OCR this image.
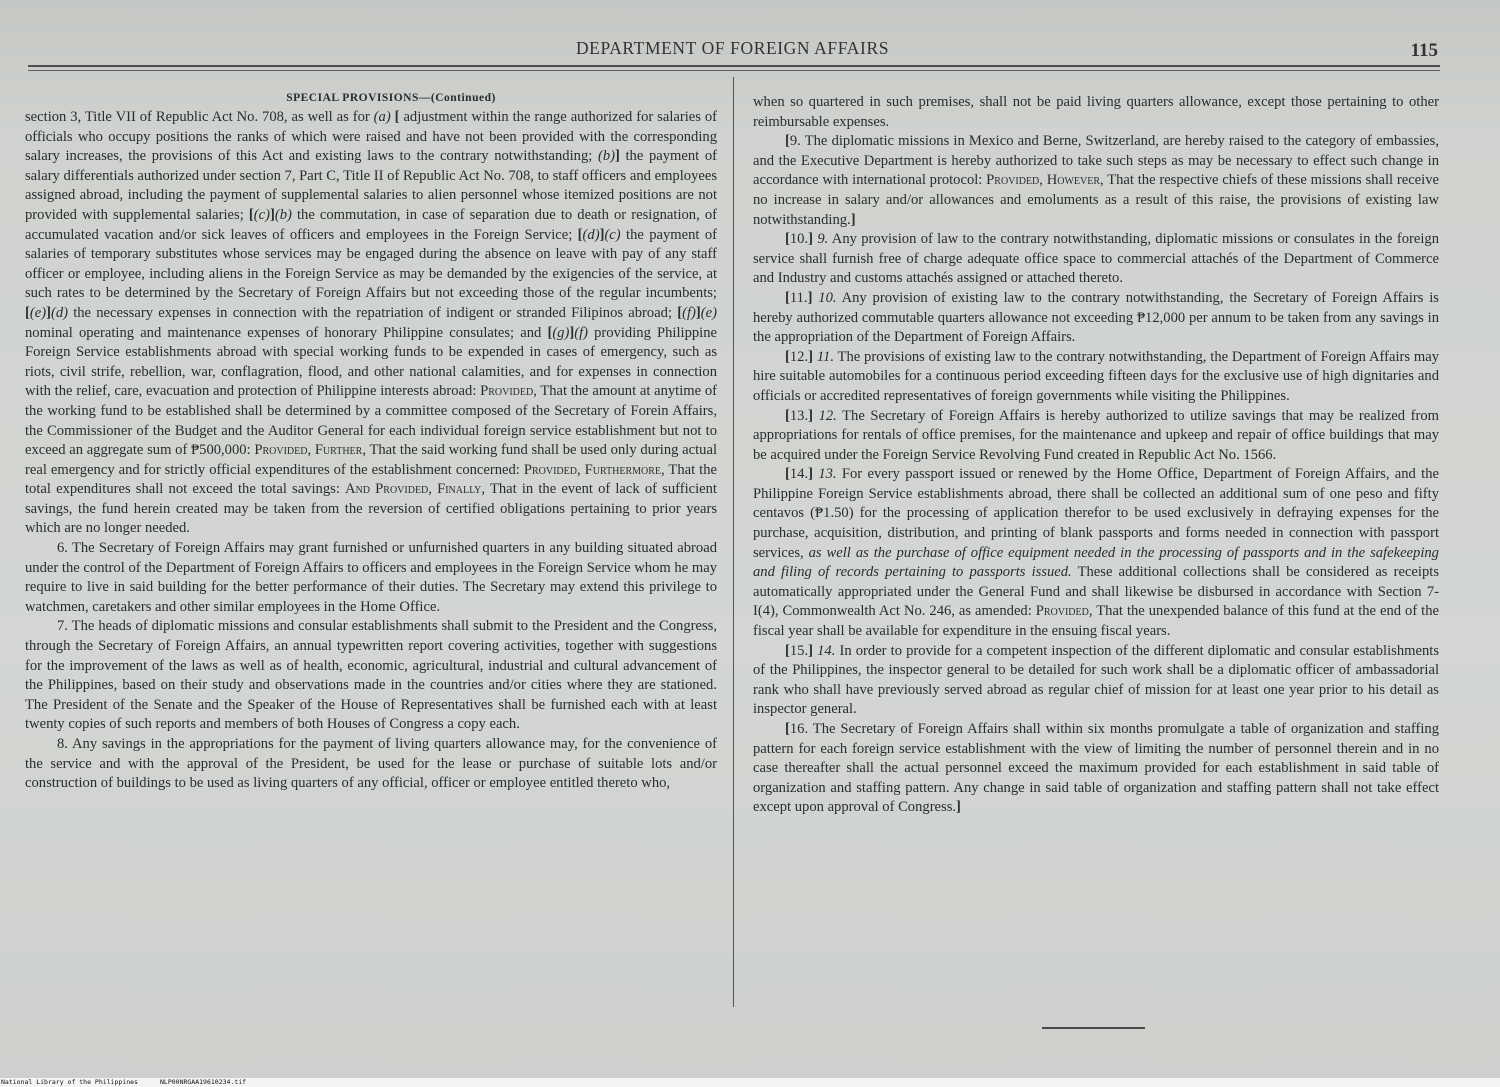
DEPARTMENT OF FOREIGN AFFAIRS	115

SPECIAL PROVISIONS—(Continued)

section 3, Title VII of Republic Act No. 708, as well as for (a) [ adjustment within the range authorized for salaries of officials who occupy positions the ranks of which were raised and have not been provided with the corresponding salary increases, the provisions of this Act and existing laws to the contrary notwithstanding; (b)] the payment of salary differentials authorized under section 7, Part C, Title II of Republic Act No. 708, to staff officers and employees assigned abroad, including the payment of supplemental salaries to alien personnel whose itemized positions are not provided with supplemental salaries; [(c)](b) the commutation, in case of separation due to death or resignation, of accumulated vacation and/or sick leaves of officers and employees in the Foreign Service; [(d)](c) the payment of salaries of temporary substitutes whose services may be engaged during the absence on leave with pay of any staff officer or employee, including aliens in the Foreign Service as may be demanded by the exigencies of the service, at such rates to be determined by the Secretary of Foreign Affairs but not exceeding those of the regular incumbents; [(e)](d) the necessary expenses in connection with the repatriation of indigent or stranded Filipinos abroad; [(f)](e) nominal operating and maintenance expenses of honorary Philippine consulates; and [(g)](f) providing Philippine Foreign Service establishments abroad with special working funds to be expended in cases of emergency, such as riots, civil strife, rebellion, war, conflagration, flood, and other national calamities, and for expenses in connection with the relief, care, evacuation and protection of Philippine interests abroad: Provided, That the amount at anytime of the working fund to be established shall be determined by a committee composed of the Secretary of Forein Affairs, the Commissioner of the Budget and the Auditor General for each individual foreign service establishment but not to exceed an aggregate sum of ₱500,000: Provided, Further, That the said working fund shall be used only during actual real emergency and for strictly official expenditures of the establishment concerned: Provided, Furthermore, That the total expenditures shall not exceed the total savings: And Provided, Finally, That in the event of lack of sufficient savings, the fund herein created may be taken from the reversion of certified obligations pertaining to prior years which are no longer needed.

6. The Secretary of Foreign Affairs may grant furnished or unfurnished quarters in any building situated abroad under the control of the Department of Foreign Affairs to officers and employees in the Foreign Service whom he may require to live in said building for the better performance of their duties. The Secretary may extend this privilege to watchmen, caretakers and other similar employees in the Home Office.

7. The heads of diplomatic missions and consular establishments shall submit to the President and the Congress, through the Secretary of Foreign Affairs, an annual typewritten report covering activities, together with suggestions for the improvement of the laws as well as of health, economic, agricultural, industrial and cultural advancement of the Philippines, based on their study and observations made in the countries and/or cities where they are stationed. The President of the Senate and the Speaker of the House of Representatives shall be furnished each with at least twenty copies of such reports and members of both Houses of Congress a copy each.

8. Any savings in the appropriations for the payment of living quarters allowance may, for the convenience of the service and with the approval of the President, be used for the lease or purchase of suitable lots and/or construction of buildings to be used as living quarters of any official, officer or employee entitled thereto who,

when so quartered in such premises, shall not be paid living quarters allowance, except those pertaining to other reimbursable expenses.

[9. The diplomatic missions in Mexico and Berne, Switzerland, are hereby raised to the category of embassies, and the Executive Department is hereby authorized to take such steps as may be necessary to effect such change in accordance with international protocol: Provided, However, That the respective chiefs of these missions shall receive no increase in salary and/or allowances and emoluments as a result of this raise, the provisions of existing law notwithstanding.]

[10.] 9. Any provision of law to the contrary notwithstanding, diplomatic missions or consulates in the foreign service shall furnish free of charge adequate office space to commercial attachés of the Department of Commerce and Industry and customs attachés assigned or attached thereto.

[11.] 10. Any provision of existing law to the contrary notwithstanding, the Secretary of Foreign Affairs is hereby authorized commutable quarters allowance not exceeding ₱12,000 per annum to be taken from any savings in the appropriation of the Department of Foreign Affairs.

[12.] 11. The provisions of existing law to the contrary notwithstanding, the Department of Foreign Affairs may hire suitable automobiles for a continuous period exceeding fifteen days for the exclusive use of high dignitaries and officials or accredited representatives of foreign governments while visiting the Philippines.

[13.] 12. The Secretary of Foreign Affairs is hereby authorized to utilize savings that may be realized from appropriations for rentals of office premises, for the maintenance and upkeep and repair of office buildings that may be acquired under the Foreign Service Revolving Fund created in Republic Act No. 1566.

[14.] 13. For every passport issued or renewed by the Home Office, Department of Foreign Affairs, and the Philippine Foreign Service establishments abroad, there shall be collected an additional sum of one peso and fifty centavos (₱1.50) for the processing of application therefor to be used exclusively in defraying expenses for the purchase, acquisition, distribution, and printing of blank passports and forms needed in connection with passport services, as well as the purchase of office equipment needed in the processing of passports and in the safekeeping and filing of records pertaining to passports issued. These additional collections shall be considered as receipts automatically appropriated under the General Fund and shall likewise be disbursed in accordance with Section 7-I(4), Commonwealth Act No. 246, as amended: Provided, That the unexpended balance of this fund at the end of the fiscal year shall be available for expenditure in the ensuing fiscal years.

[15.] 14. In order to provide for a competent inspection of the different diplomatic and consular establishments of the Philippines, the inspector general to be detailed for such work shall be a diplomatic officer of ambassadorial rank who shall have previously served abroad as regular chief of mission for at least one year prior to his detail as inspector general.

[16. The Secretary of Foreign Affairs shall within six months promulgate a table of organization and staffing pattern for each foreign service establishment with the view of limiting the number of personnel therein and in no case thereafter shall the actual personnel exceed the maximum provided for each establishment in said table of organization and staffing pattern. Any change in said table of organization and staffing pattern shall not take effect except upon approval of Congress.]

National Library of the Philippines	NLP00NRGAA19610234.tif
